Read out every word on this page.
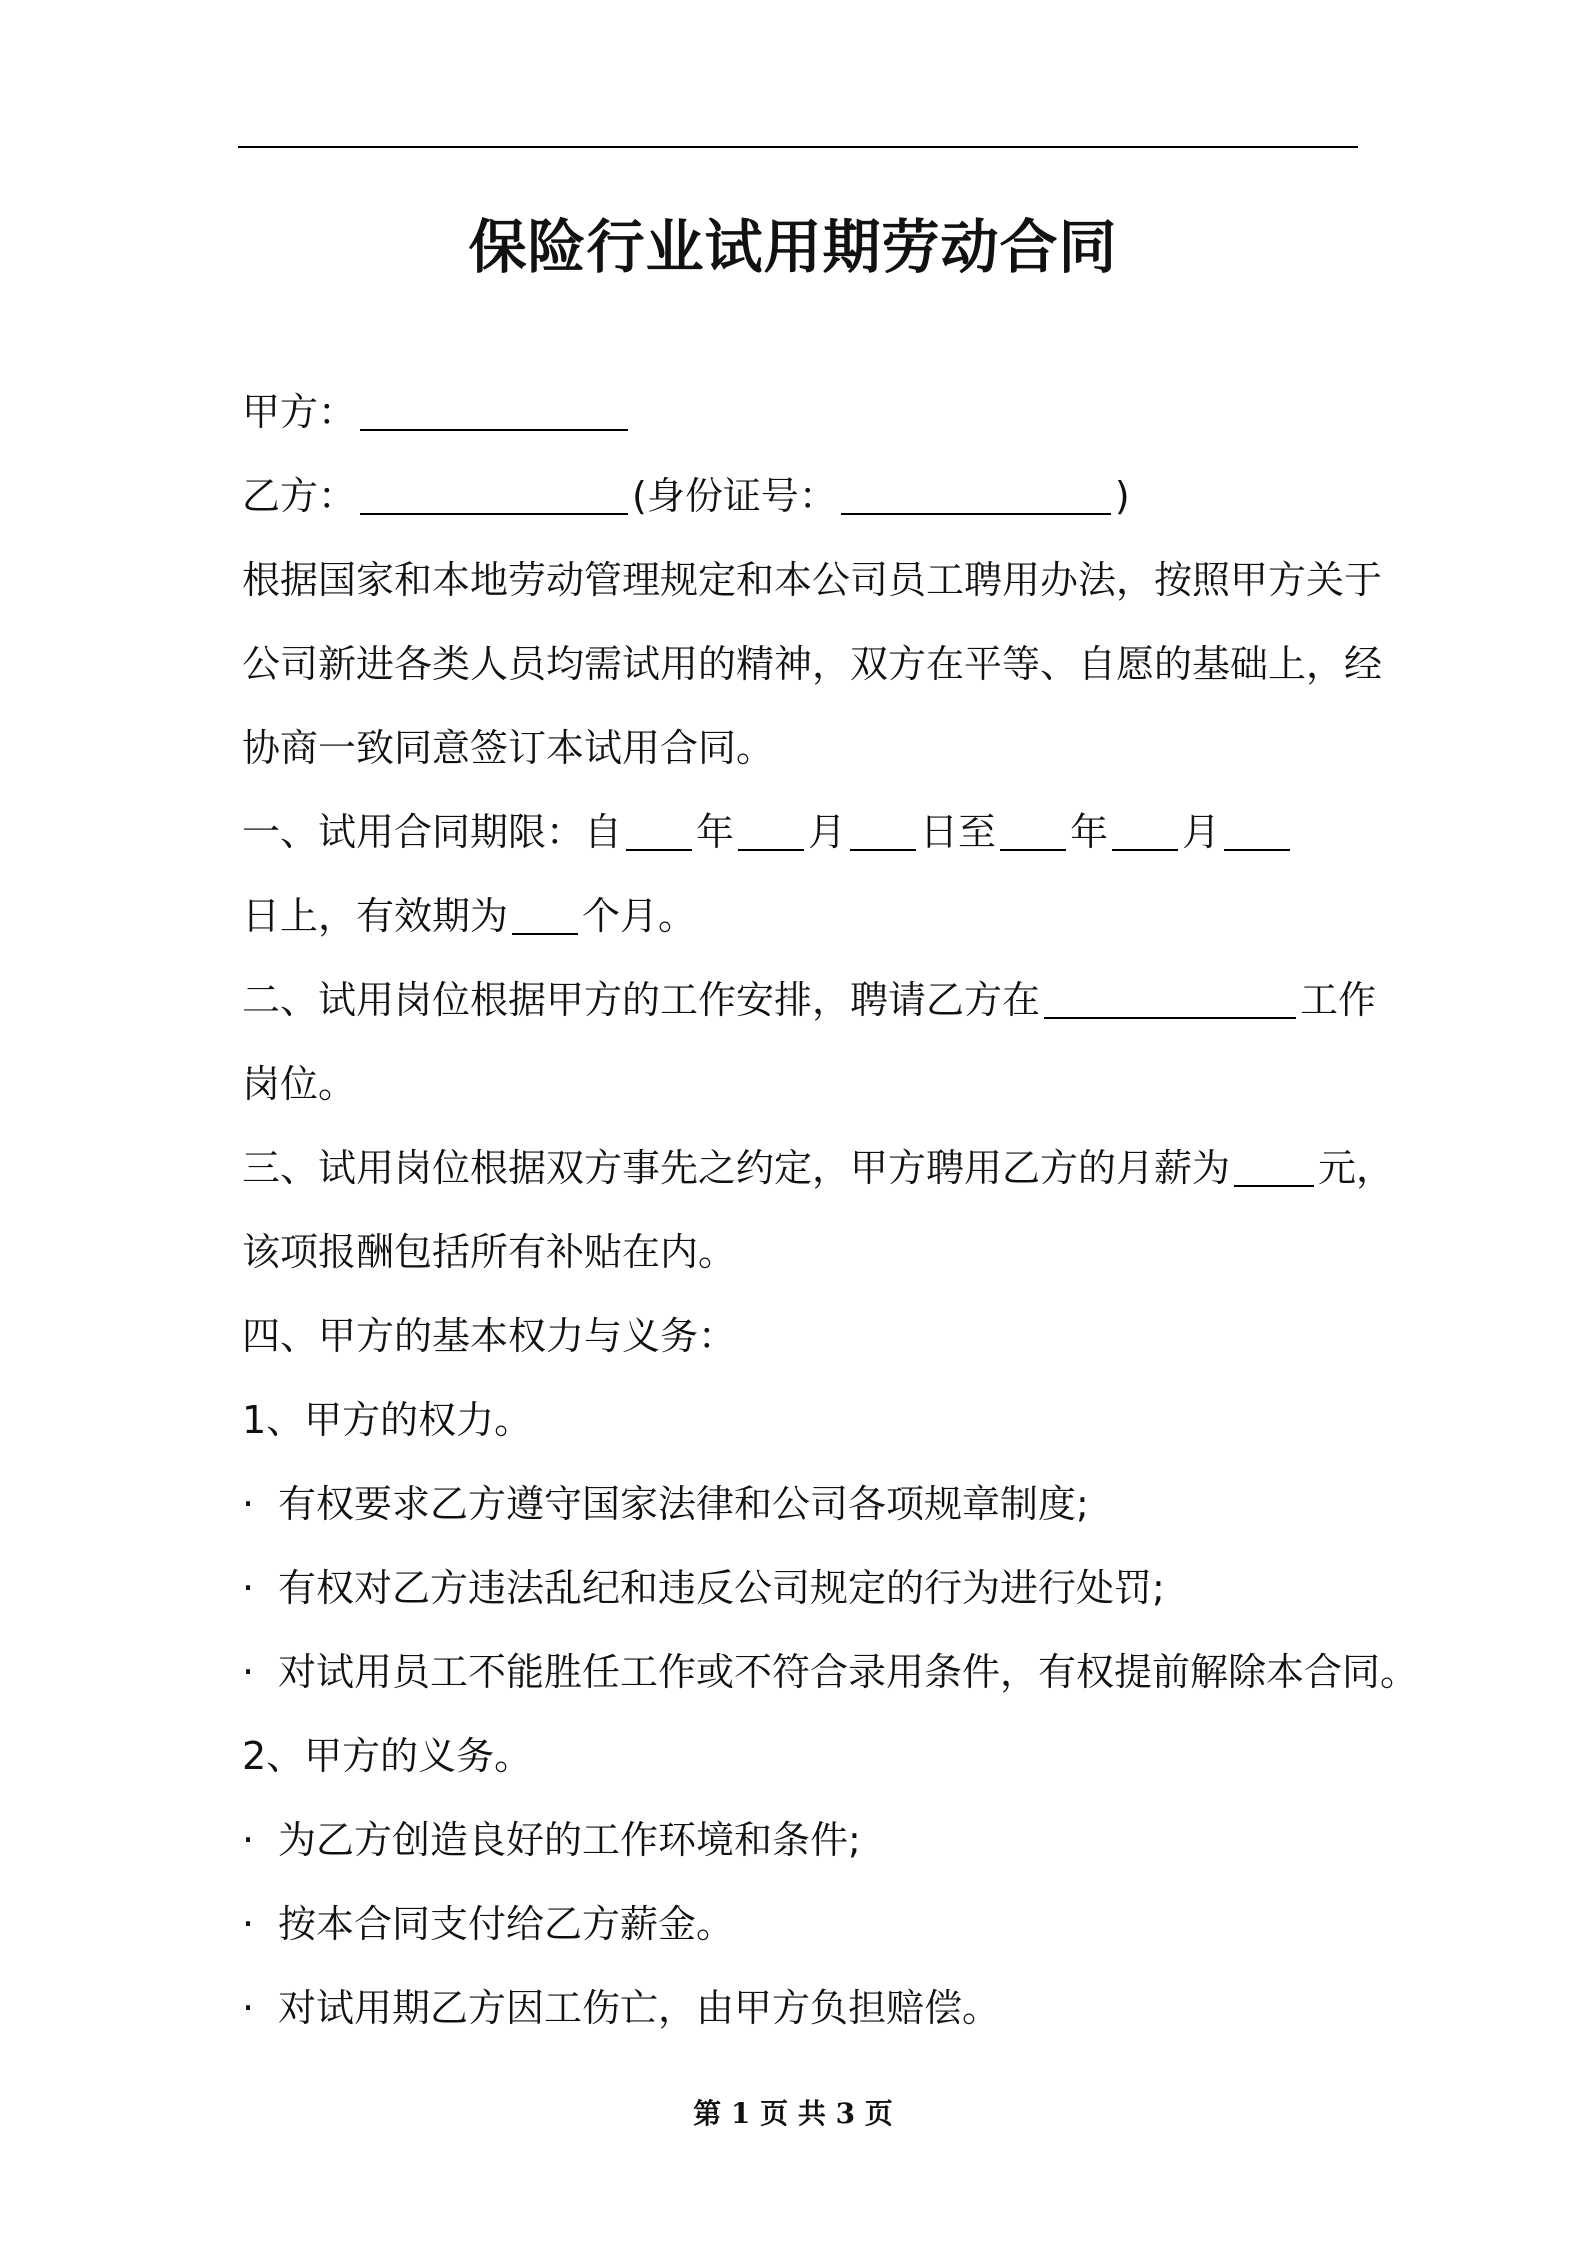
保险行业试用期劳动合同
甲方：
乙方：	(身份证号：	)
根据国家和本地劳动管理规定和本公司员工聘用办法，按照甲方关于
公司新进各类人员均需试用的精神，双方在平等、自愿的基础上，经
协商一致同意签订本试用合同。
一、试用合同期限：自 年 月 日至 年 月
日上，有效期为 个月。
二、试用岗位根据甲方的工作安排，聘请乙方在	工作
岗位。
三、试用岗位根据双方事先之约定，甲方聘用乙方的月薪为 元，
该项报酬包括所有补贴在内。
四、甲方的基本权力与义务：
1、甲方的权力。
· 有权要求乙方遵守国家法律和公司各项规章制度;
· 有权对乙方违法乱纪和违反公司规定的行为进行处罚;
· 对试用员工不能胜任工作或不符合录用条件，有权提前解除本合同。
2、甲方的义务。
· 为乙方创造良好的工作环境和条件;
· 按本合同支付给乙方薪金。
· 对试用期乙方因工伤亡，由甲方负担赔偿。
第 1 页 共 3 页
